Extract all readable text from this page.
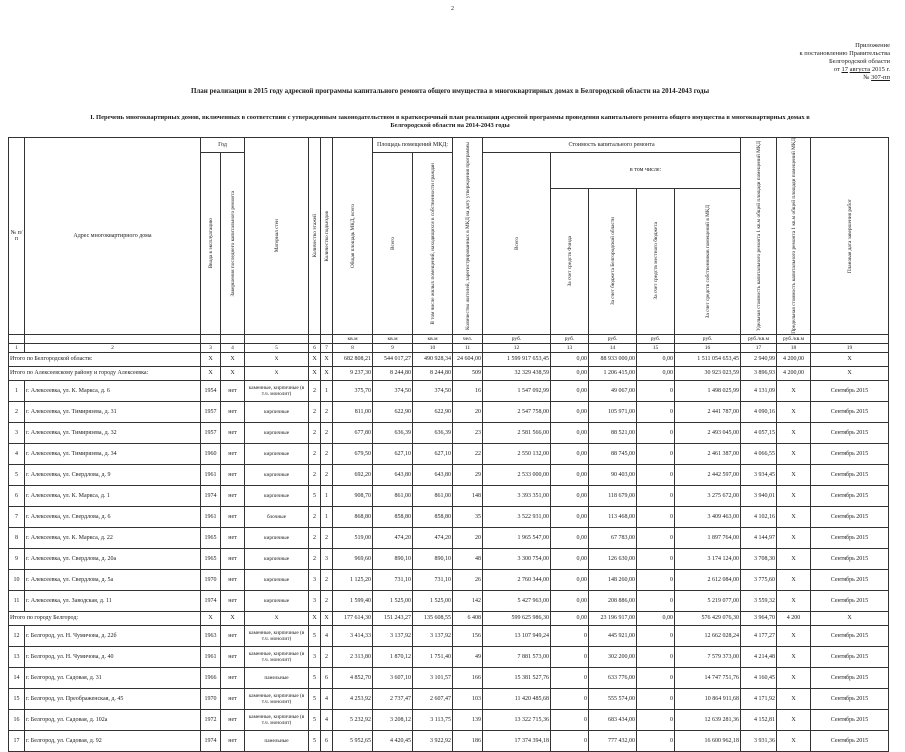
2
Приложение
к постановлению Правительства
Белгородской области
от 17 августа 2015 г.
№ 307-пп
План реализации в 2015 году адресной программы капитального ремонта общего имущества в многоквартирных домах в Белгородской области на 2014-2043 годы
I. Перечень многоквартирных домов, включенных в соответствии с утвержденным законодательством в краткосрочный план реализации адресной программы проведения капитального ремонта общего имущества в многоквартирных домах в Белгородской области на 2014-2043 годы
№ п/п	Адрес многоквартирного дома	Год		Материал стен	Количество этажей	Количество подъездов	Общая площадь МКД, всего	Площадь помещений МКД:		Количество жителей, зарегистрированных в МКД на дату утверждения программы	Стоимость капитального ремонта					Удельная стоимость капитального ремонта 1 кв.м общей площади помещений МКД	Предельная стоимость капитального ремонта 1 кв.м общей площади помещений МКД	Плановая дата завершения работ

		Ввода в эксплуатацию	Завершения последнего капитального ремонта					Всего	В том числе жилых помещений, находящихся в собственности граждан		Всего	в том числе:						

												За счет средств Фонда	За счет бюджета Белгородской области	За счет средств местного бюджета	За счет средств собственников помещений в МКД			

							кв.м	кв.м	кв.м	чел.	руб.	руб.	руб.	руб.	руб.	руб./кв.м	руб./кв.м	
1	2	3	4	5	6	7	8	9	10	11	12	13	14	15	16	17	18	19
Итого по Белгородской области:		X	X	X	X	X	682 808,21	544 017,27	490 928,34	24 604,00	1 599 917 653,45	0,00	88 933 000,00	0,00	1 511 054 653,45	2 940,99	4 200,00	X
Итого по Алексеевскому району и городу Алексеевка:		X	X	X	X	X	9 237,30	8 244,80	8 244,80	509	32 329 438,59	0,00	1 206 415,00	0,00	30 923 023,59	3 896,93	4 200,00	X
1	г. Алексеевка, ул. К. Маркса, д. 6	1954	нет	каменные, кирпичные (в т.ч. монолит)	2	1	375,70	374,50	374,50	16	1 547 092,99	0,00	49 067,00	0	1 498 025,99	4 131,09	X	Сентябрь 2015
2	г. Алексеевка, ул. Тимирязева, д. 31	1957	нет	кирпичные	2	2	811,00	622,90	622,90	20	2 547 758,00	0,00	105 971,00	0	2 441 787,00	4 090,16	X	Сентябрь 2015
3	г. Алексеевка, ул. Тимирязева, д. 32	1957	нет	кирпичные	2	2	677,80	636,39	636,39	23	2 581 566,00	0,00	88 521,00	0	2 493 045,00	4 057,15	X	Сентябрь 2015
4	г. Алексеевка, ул. Тимирязева, д. 34	1960	нет	кирпичные	2	2	679,50	627,10	627,10	22	2 550 132,00	0,00	88 745,00	0	2 461 387,00	4 066,55	X	Сентябрь 2015
5	г. Алексеевка, ул. Свердлова, д. 9	1961	нет	кирпичные	2	2	692,20	643,80	643,80	29	2 533 000,00	0,00	90 403,00	0	2 442 597,00	3 934,45	X	Сентябрь 2015
6	г. Алексеевка, ул. К. Маркса, д. 1	1974	нет	кирпичные	5	1	908,70	861,00	861,00	148	3 393 351,00	0,00	118 679,00	0	3 275 672,00	3 940,01	X	Сентябрь 2015
7	г. Алексеевка, ул. Свердлова, д. 6	1961	нет	блочные	2	1	868,80	858,80	858,80	35	3 522 931,00	0,00	113 468,00	0	3 409 463,00	4 102,16	X	Сентябрь 2015
8	г. Алексеевка, ул. К. Маркса, д. 22	1965	нет	кирпичные	2	2	519,00	474,20	474,20	20	1 965 547,00	0,00	67 783,00	0	1 897 764,00	4 144,97	X	Сентябрь 2015
9	г. Алексеевка, ул. Свердлова, д. 20а	1965	нет	кирпичные	2	3	969,60	890,10	890,10	48	3 300 754,00	0,00	126 630,00	0	3 174 124,00	3 708,30	X	Сентябрь 2015
10	г. Алексеевка, ул. Свердлова, д. 5а	1970	нет	кирпичные	3	2	1 125,20	731,10	731,10	26	2 760 344,00	0,00	148 260,00	0	2 612 084,00	3 775,60	X	Сентябрь 2015
11	г. Алексеевка, ул. Заводская, д. 11	1974	нет	кирпичные	3	2	1 599,40	1 525,00	1 525,00	142	5 427 963,00	0,00	208 886,00	0	5 219 077,00	3 559,32	X	Сентябрь 2015
Итого по городу Белгород:		X	X	X	X	X	177 614,30	151 243,27	135 608,55	6 408	599 625 986,30	0,00	23 196 917,00	0,00	576 429 076,30	3 964,70	4 200	X
12	г. Белгород, ул. Н. Чумичова, д. 22б	1963	нет	каменные, кирпичные (в т.ч. монолит)	5	4	3 414,33	3 137,92	3 137,92	156	13 107 949,24	0	445 921,00	0	12 662 028,24	4 177,27	X	Сентябрь 2015
13	г. Белгород, ул. Н. Чумичова, д. 40	1961	нет	каменные, кирпичные (в т.ч. монолит)	3	2	2 313,80	1 870,12	1 751,40	49	7 881 573,00	0	302 200,00	0	7 579 373,00	4 214,48	X	Сентябрь 2015
14	г. Белгород, ул. Садовая, д. 31	1966	нет	панельные	5	6	4 852,70	3 607,10	3 101,57	166	15 381 527,76	0	633 776,00	0	14 747 751,76	4 160,45	X	Сентябрь 2015
15	г. Белгород, ул. Преображенская, д. 45	1970	нет	каменные, кирпичные (в т.ч. монолит)	5	4	4 253,92	2 737,47	2 607,47	103	11 420 485,68	0	555 574,00	0	10 864 911,68	4 171,92	X	Сентябрь 2015
16	г. Белгород, ул. Садовая, д. 102а	1972	нет	каменные, кирпичные (в т.ч. монолит)	5	4	5 232,92	3 208,12	3 113,75	139	13 322 715,36	0	683 434,00	0	12 639 281,36	4 152,81	X	Сентябрь 2015
17	г. Белгород, ул. Садовая, д. 92	1974	нет	панельные	5	6	5 952,65	4 420,45	3 922,92	186	17 374 394,18	0	777 432,00	0	16 600 962,18	3 931,36	X	Сентябрь 2015
